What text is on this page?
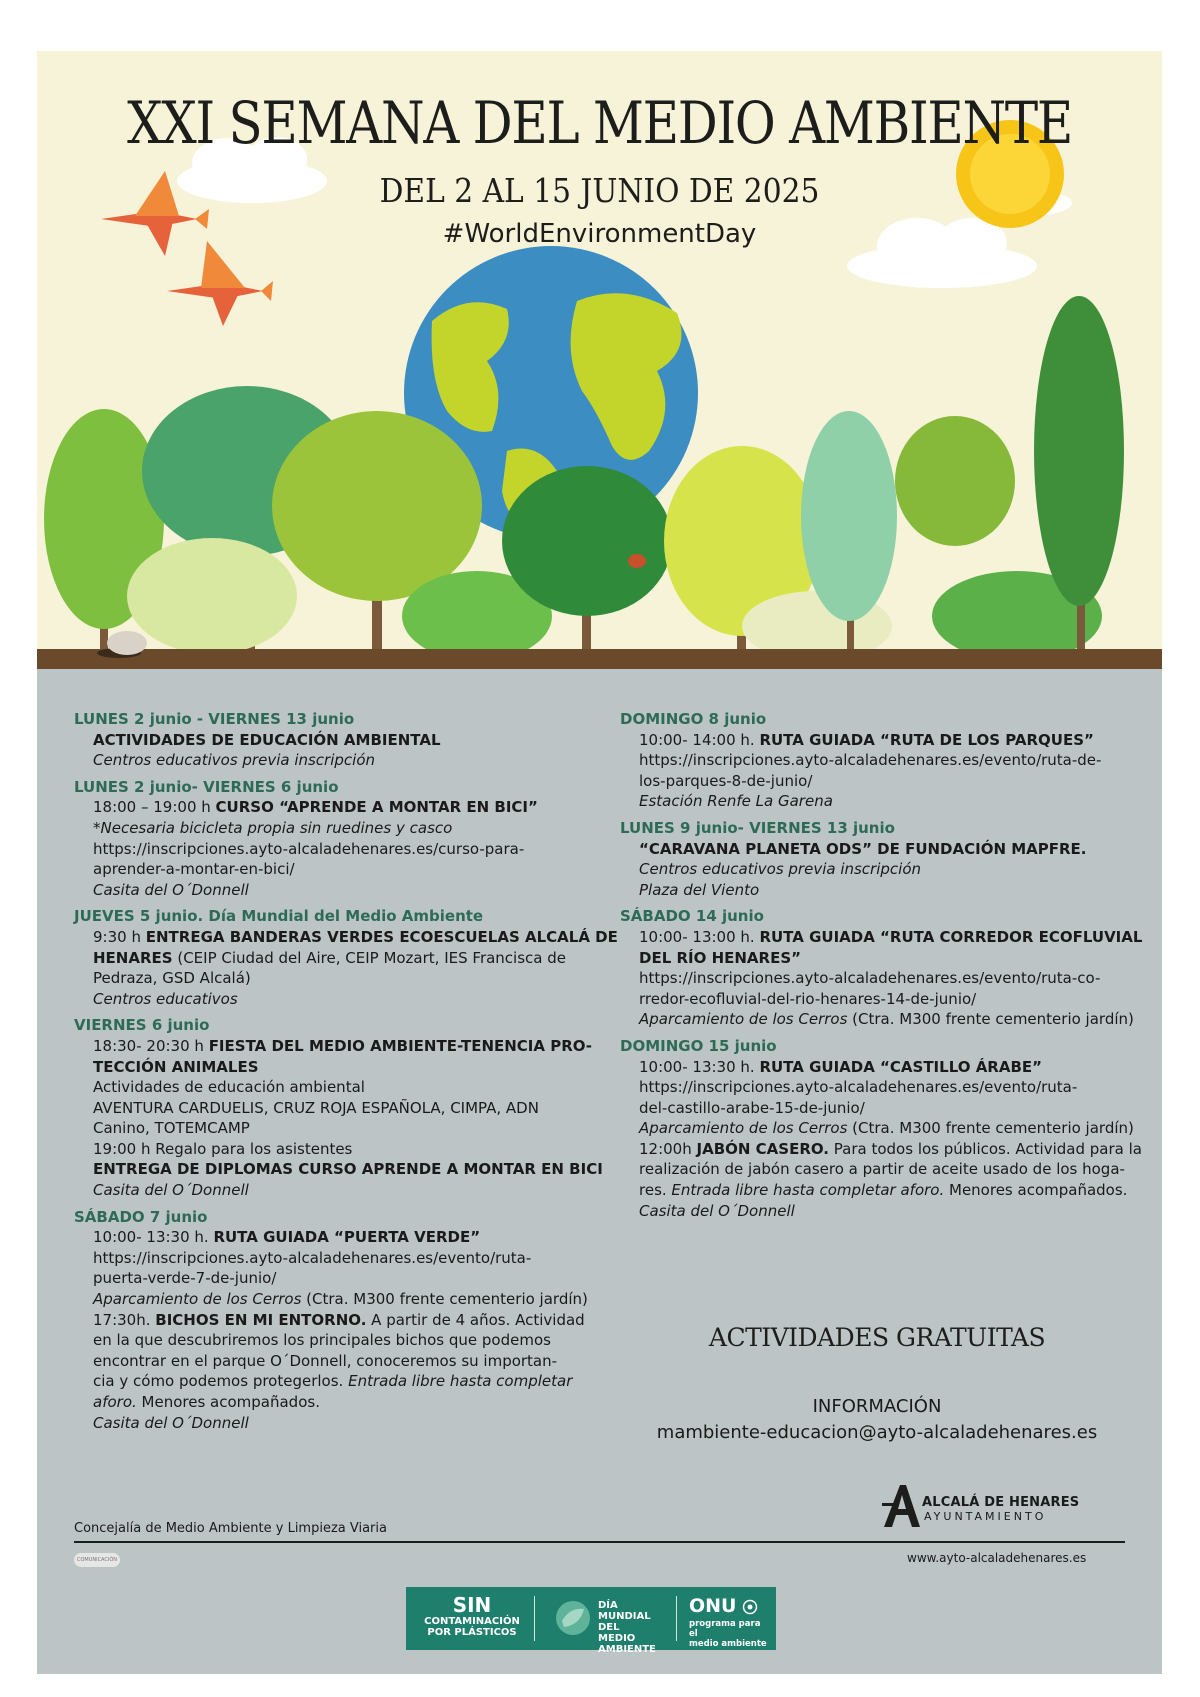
XXI SEMANA DEL MEDIO AMBIENTE
DEL 2 AL 15 JUNIO DE 2025
#WorldEnvironmentDay
LUNES 2 junio - VIERNES 13 junio
ACTIVIDADES DE EDUCACIÓN AMBIENTAL
Centros educativos previa inscripción
LUNES 2 junio- VIERNES 6 junio
18:00 – 19:00 h CURSO “APRENDE A MONTAR EN BICI”
*Necesaria bicicleta propia sin ruedines y casco
https://inscripciones.ayto-alcaladehenares.es/curso-para-
aprender-a-montar-en-bici/
Casita del O´Donnell
JUEVES 5 junio. Día Mundial del Medio Ambiente
9:30 h ENTREGA BANDERAS VERDES ECOESCUELAS ALCALÁ DE
HENARES (CEIP Ciudad del Aire, CEIP Mozart, IES Francisca de
Pedraza, GSD Alcalá)
Centros educativos
VIERNES 6 junio
18:30- 20:30 h FIESTA DEL MEDIO AMBIENTE-TENENCIA PRO-
TECCIÓN ANIMALES
Actividades de educación ambiental
AVENTURA CARDUELIS, CRUZ ROJA ESPAÑOLA, CIMPA, ADN
Canino, TOTEMCAMP
19:00 h Regalo para los asistentes
ENTREGA DE DIPLOMAS CURSO APRENDE A MONTAR EN BICI
Casita del O´Donnell
SÁBADO 7 junio
10:00- 13:30 h. RUTA GUIADA “PUERTA VERDE”
https://inscripciones.ayto-alcaladehenares.es/evento/ruta-
puerta-verde-7-de-junio/
Aparcamiento de los Cerros (Ctra. M300 frente cementerio jardín)
17:30h. BICHOS EN MI ENTORNO. A partir de 4 años. Actividad
en la que descubriremos los principales bichos que podemos
encontrar en el parque O´Donnell, conoceremos su importan-
cia y cómo podemos protegerlos. Entrada libre hasta completar
aforo. Menores acompañados.
Casita del O´Donnell
DOMINGO 8 junio
10:00- 14:00 h. RUTA GUIADA “RUTA DE LOS PARQUES”
https://inscripciones.ayto-alcaladehenares.es/evento/ruta-de-
los-parques-8-de-junio/
Estación Renfe La Garena
LUNES 9 junio- VIERNES 13 junio
“CARAVANA PLANETA ODS” DE FUNDACIÓN MAPFRE.
Centros educativos previa inscripción
Plaza del Viento
SÁBADO 14 junio
10:00- 13:00 h. RUTA GUIADA “RUTA CORREDOR ECOFLUVIAL
DEL RÍO HENARES”
https://inscripciones.ayto-alcaladehenares.es/evento/ruta-co-
rredor-ecofluvial-del-rio-henares-14-de-junio/
Aparcamiento de los Cerros (Ctra. M300 frente cementerio jardín)
DOMINGO 15 junio
10:00- 13:30 h. RUTA GUIADA “CASTILLO ÁRABE”
https://inscripciones.ayto-alcaladehenares.es/evento/ruta-
del-castillo-arabe-15-de-junio/
Aparcamiento de los Cerros (Ctra. M300 frente cementerio jardín)
12:00h JABÓN CASERO. Para todos los públicos. Actividad para la
realización de jabón casero a partir de aceite usado de los hoga-
res. Entrada libre hasta completar aforo. Menores acompañados.
Casita del O´Donnell
ACTIVIDADES GRATUITAS
INFORMACIÓN
mambiente-educacion@ayto-alcaladehenares.es
Concejalía de Medio Ambiente y Limpieza Viaria
COMUNICACIÓN
ALCALÁ DE HENARES
AYUNTAMIENTO
www.ayto-alcaladehenares.es
SIN
CONTAMINACIÓN
POR PLÁSTICOS
DÍA MUNDIAL
DEL MEDIO
AMBIENTE
ONU
programa para el
medio ambiente
